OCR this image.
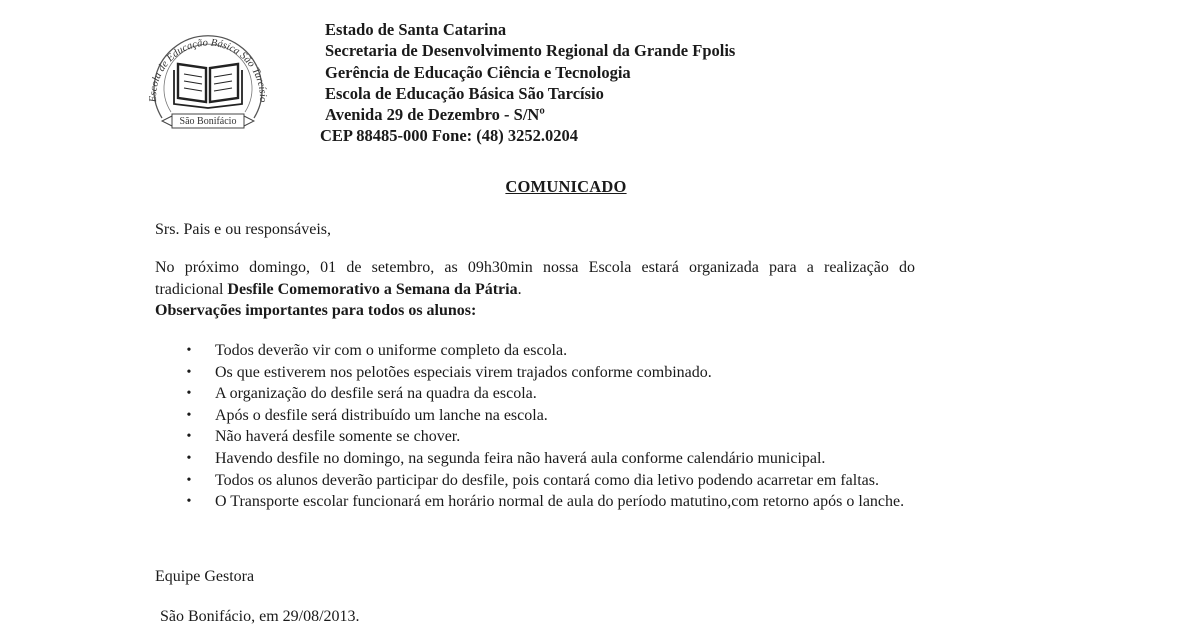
Escola de Educação Básica São Tarcísio
São Bonifácio
Estado de Santa Catarina
Secretaria de Desenvolvimento Regional da Grande Fpolis
Gerência de Educação Ciência e Tecnologia
Escola de Educação Básica São Tarcísio
Avenida 29 de Dezembro - S/Nº
CEP 88485-000 Fone: (48) 3252.0204
COMUNICADO
Srs. Pais e ou responsáveis,
No próximo domingo, 01 de setembro, as 09h30min nossa Escola estará organizada para a realização do
tradicional Desfile Comemorativo a Semana da Pátria.
Observações importantes para todos os alunos:
• Todos deverão vir com o uniforme completo da escola.
• Os que estiverem nos pelotões especiais virem trajados conforme combinado.
• A organização do desfile será na quadra da escola.
• Após o desfile será distribuído um lanche na escola.
• Não haverá desfile somente se chover.
• Havendo desfile no domingo, na segunda feira não haverá aula conforme calendário municipal.
• Todos os alunos deverão participar do desfile, pois contará como dia letivo podendo acarretar em faltas.
• O Transporte escolar funcionará em horário normal de aula do período matutino,com retorno após o lanche.
Equipe Gestora
São Bonifácio, em 29/08/2013.
